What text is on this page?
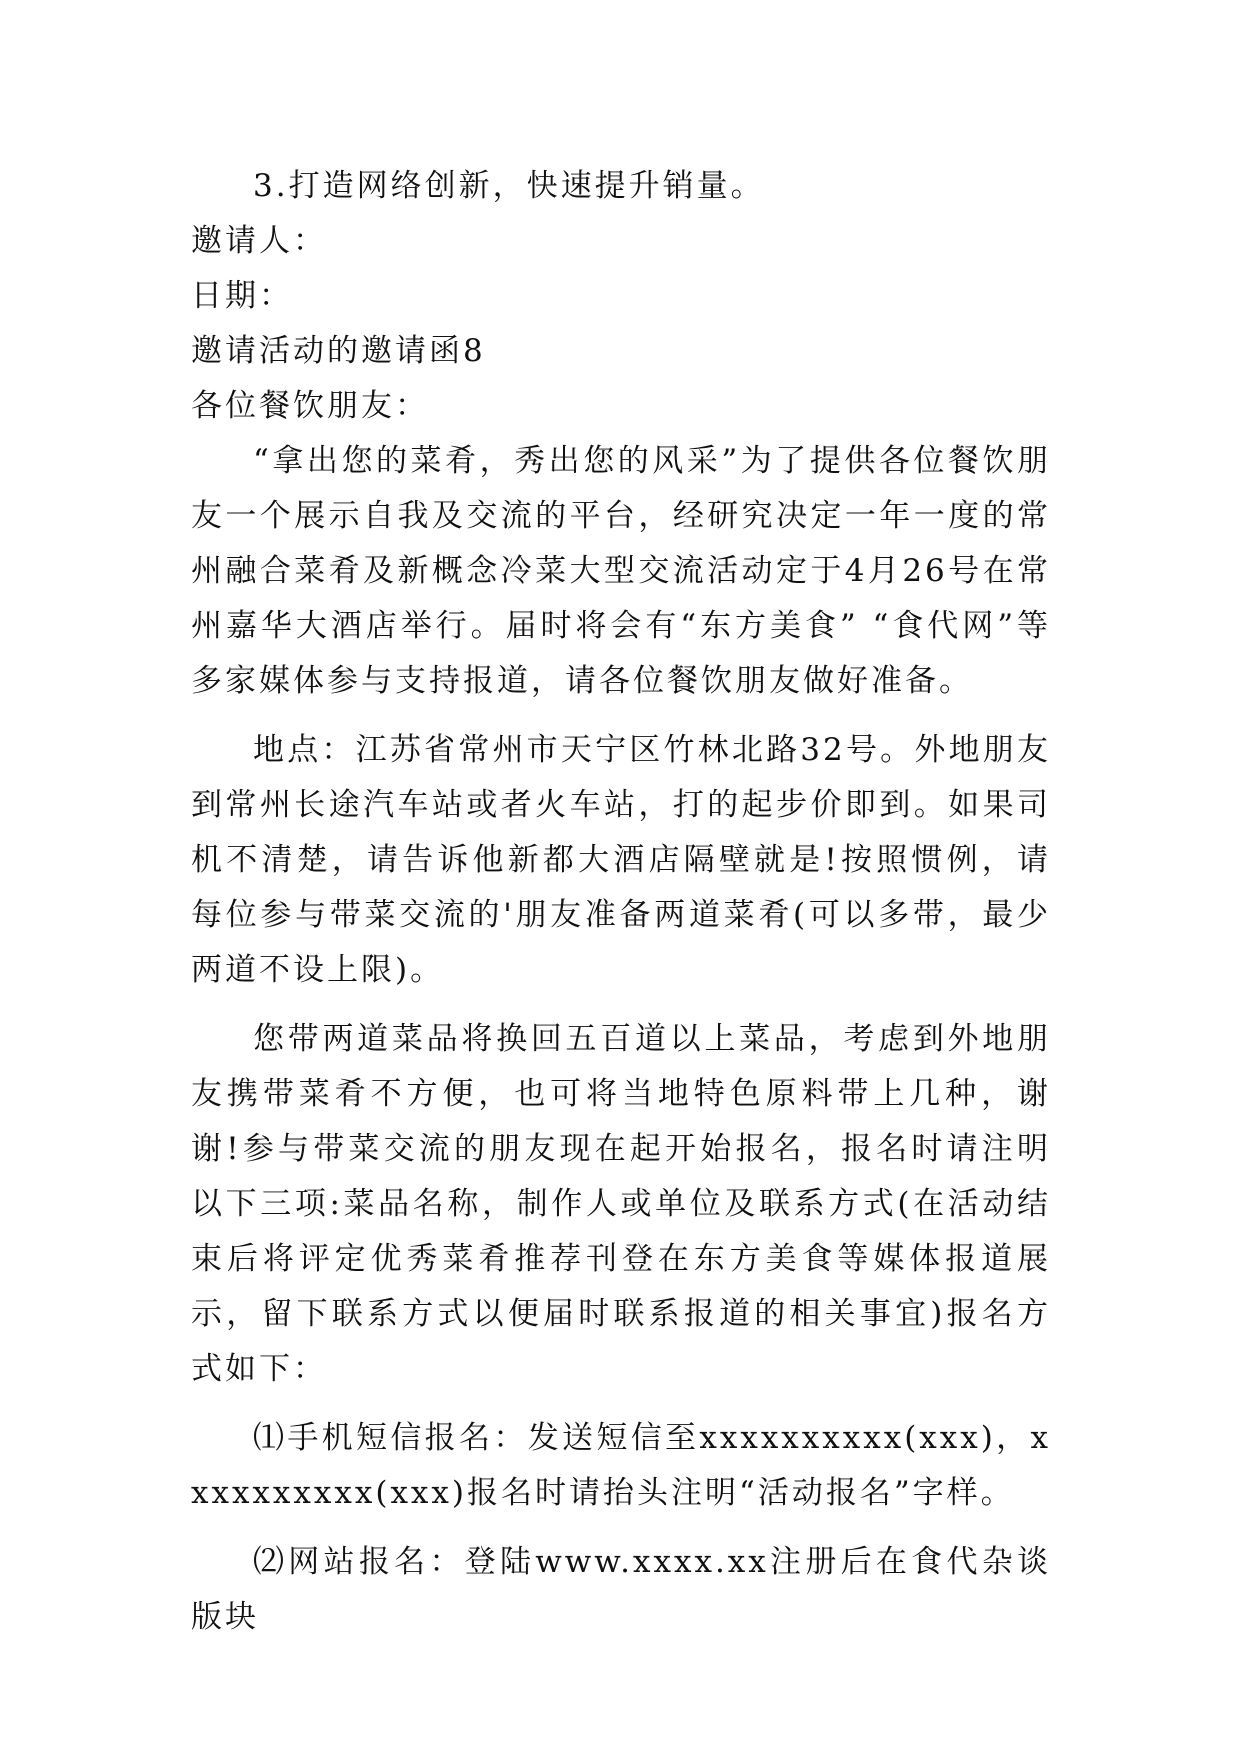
3.打造网络创新，快速提升销量。

邀请人：

日期：

邀请活动的邀请函8

各位餐饮朋友：

“拿出您的菜肴，秀出您的风采”为了提供各位餐饮朋友一个展示自我及交流的平台，经研究决定一年一度的常州融合菜肴及新概念冷菜大型交流活动定于4月26号在常州嘉华大酒店举行。届时将会有“东方美食” “食代网”等多家媒体参与支持报道，请各位餐饮朋友做好准备。

地点：江苏省常州市天宁区竹林北路32号。外地朋友到常州长途汽车站或者火车站，打的起步价即到。如果司机不清楚，请告诉他新都大酒店隔壁就是!按照惯例，请每位参与带菜交流的'朋友准备两道菜肴(可以多带，最少两道不设上限)。

您带两道菜品将换回五百道以上菜品，考虑到外地朋友携带菜肴不方便，也可将当地特色原料带上几种，谢谢!参与带菜交流的朋友现在起开始报名，报名时请注明以下三项:菜品名称，制作人或单位及联系方式(在活动结束后将评定优秀菜肴推荐刊登在东方美食等媒体报道展示，留下联系方式以便届时联系报道的相关事宜)报名方式如下：

⑴手机短信报名：发送短信至xxxxxxxxxx(xxx)，xxxxxxxxxx(xxx)报名时请抬头注明“活动报名”字样。

⑵网站报名：登陆www.xxxx.xx注册后在食代杂谈版块
